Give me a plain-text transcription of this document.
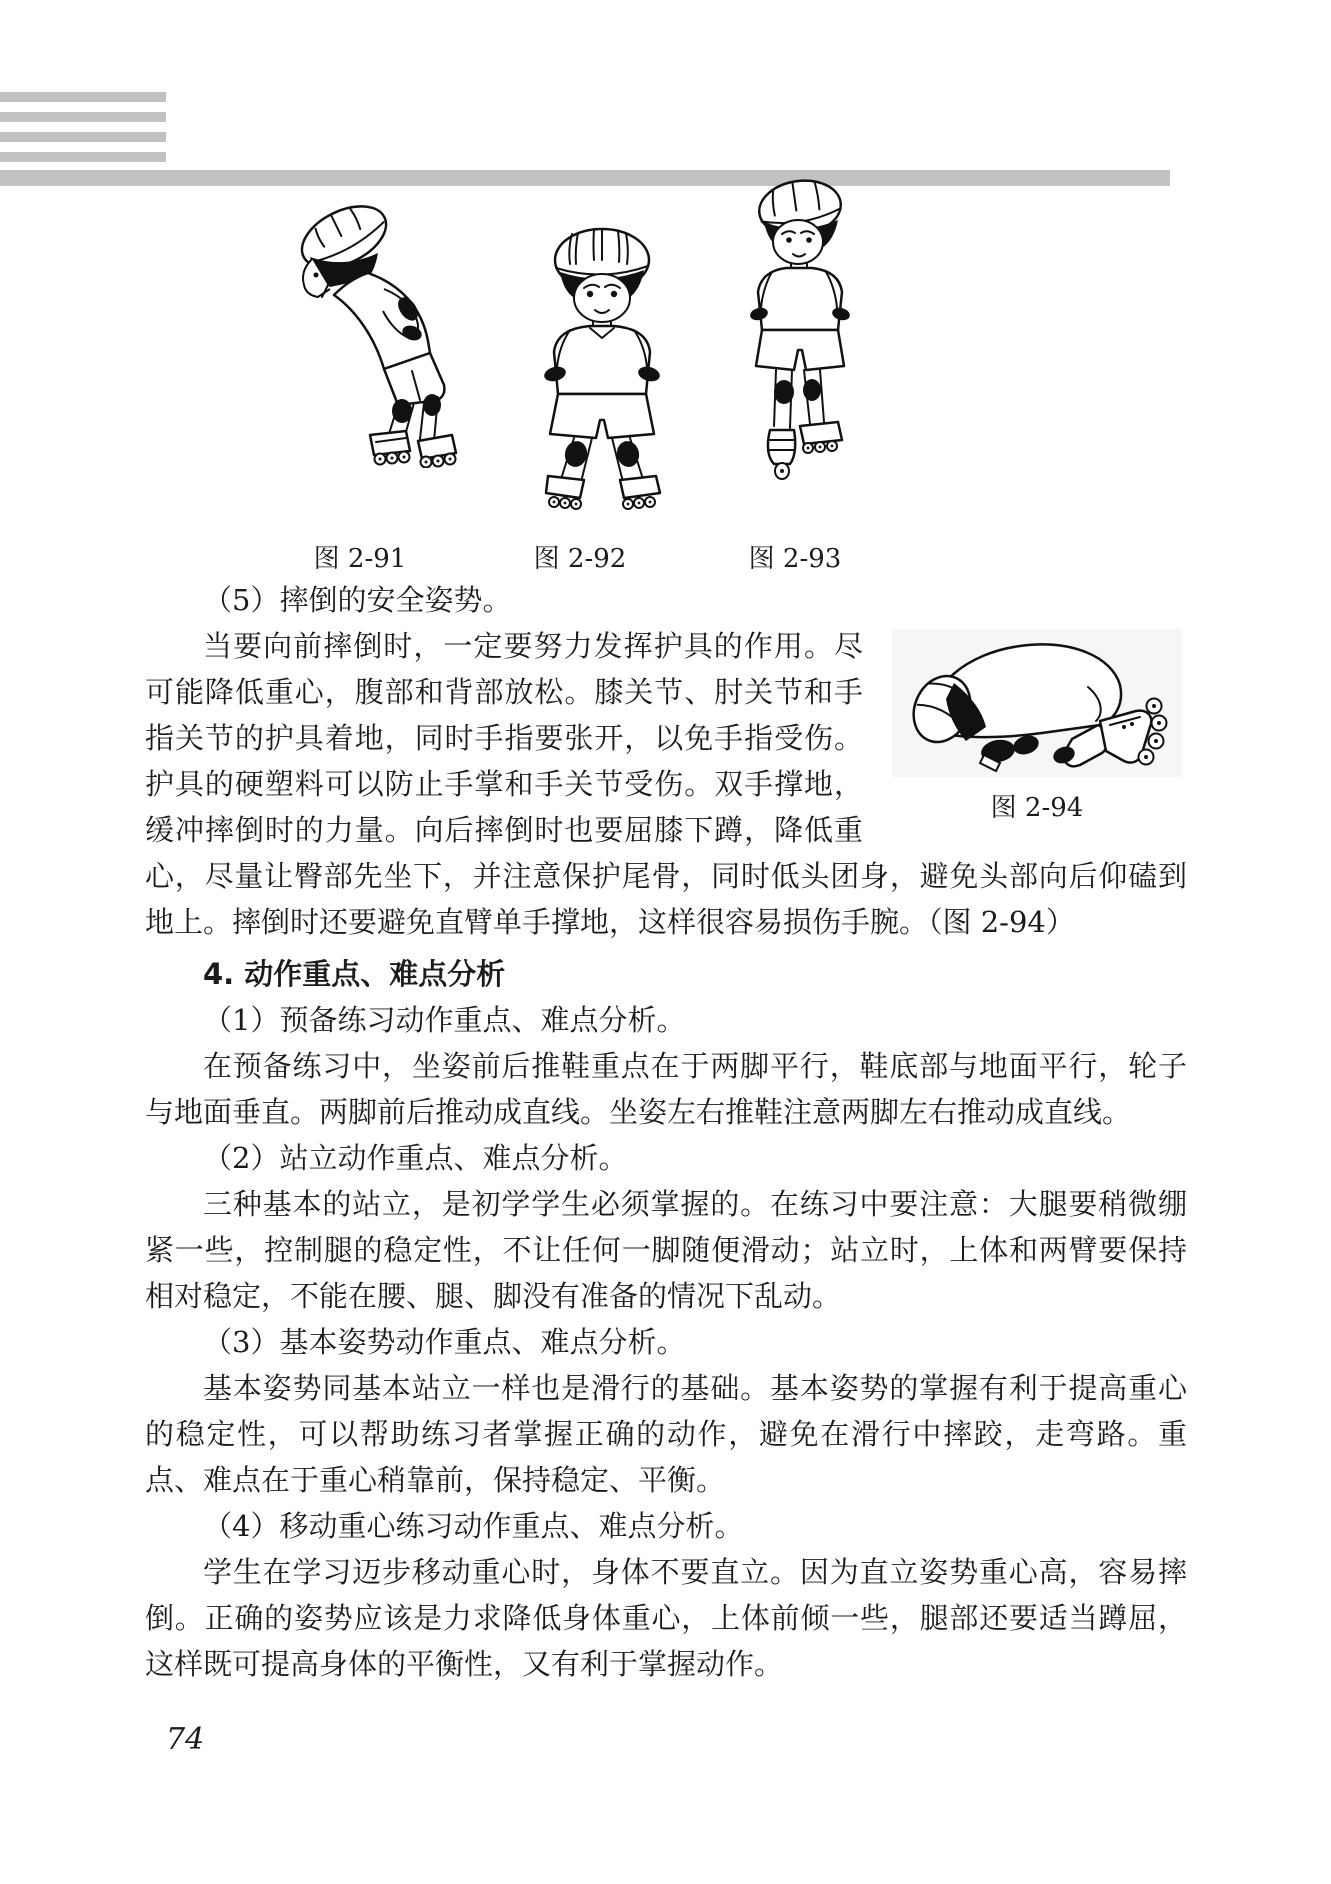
图 2-91	图 2-92	图 2-93

（5）摔倒的安全姿势。

图 2-94

当要向前摔倒时，一定要努力发挥护具的作用。尽可能降低重心，腹部和背部放松。膝关节、肘关节和手指关节的护具着地，同时手指要张开，以免手指受伤。护具的硬塑料可以防止手掌和手关节受伤。双手撑地，缓冲摔倒时的力量。向后摔倒时也要屈膝下蹲，降低重心，尽量让臀部先坐下，并注意保护尾骨，同时低头团身，避免头部向后仰磕到地上。摔倒时还要避免直臂单手撑地，这样很容易损伤手腕。（图 2-94）

4. 动作重点、难点分析

（1）预备练习动作重点、难点分析。

在预备练习中，坐姿前后推鞋重点在于两脚平行，鞋底部与地面平行，轮子与地面垂直。两脚前后推动成直线。坐姿左右推鞋注意两脚左右推动成直线。

（2）站立动作重点、难点分析。

三种基本的站立，是初学学生必须掌握的。在练习中要注意：大腿要稍微绷紧一些，控制腿的稳定性，不让任何一脚随便滑动；站立时，上体和两臂要保持相对稳定，不能在腰、腿、脚没有准备的情况下乱动。

（3）基本姿势动作重点、难点分析。

基本姿势同基本站立一样也是滑行的基础。基本姿势的掌握有利于提高重心的稳定性，可以帮助练习者掌握正确的动作，避免在滑行中摔跤，走弯路。重点、难点在于重心稍靠前，保持稳定、平衡。

（4）移动重心练习动作重点、难点分析。

学生在学习迈步移动重心时，身体不要直立。因为直立姿势重心高，容易摔倒。正确的姿势应该是力求降低身体重心，上体前倾一些，腿部还要适当蹲屈，这样既可提高身体的平衡性，又有利于掌握动作。

74
